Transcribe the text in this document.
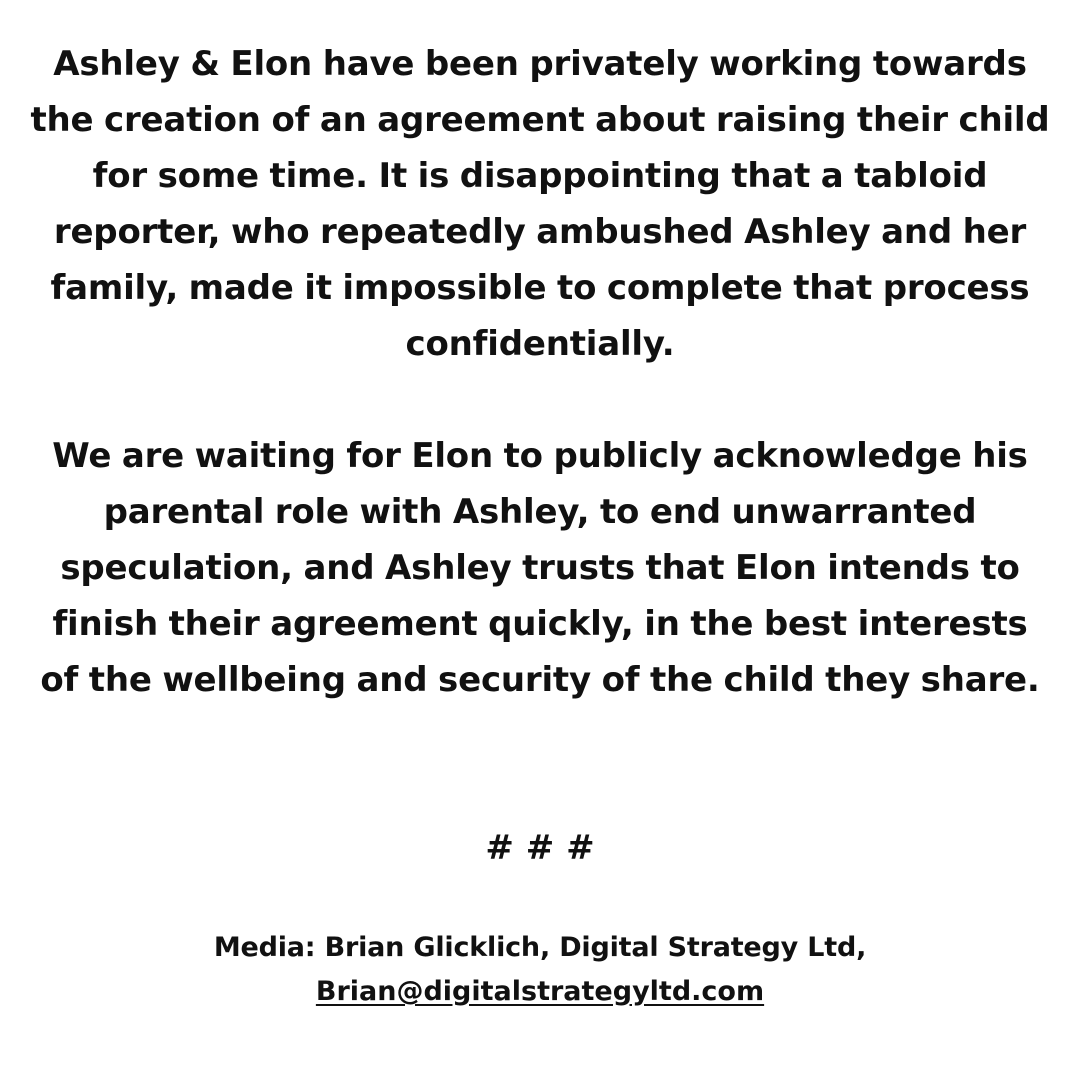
Ashley & Elon have been privately working towards the creation of an agreement about raising their child for some time. It is disappointing that a tabloid reporter, who repeatedly ambushed Ashley and her family, made it impossible to complete that process confidentially.

We are waiting for Elon to publicly acknowledge his parental role with Ashley, to end unwarranted speculation, and Ashley trusts that Elon intends to finish their agreement quickly, in the best interests of the wellbeing and security of the child they share.

# # #
Media: Brian Glicklich, Digital Strategy Ltd,
Brian@digitalstrategyltd.com
